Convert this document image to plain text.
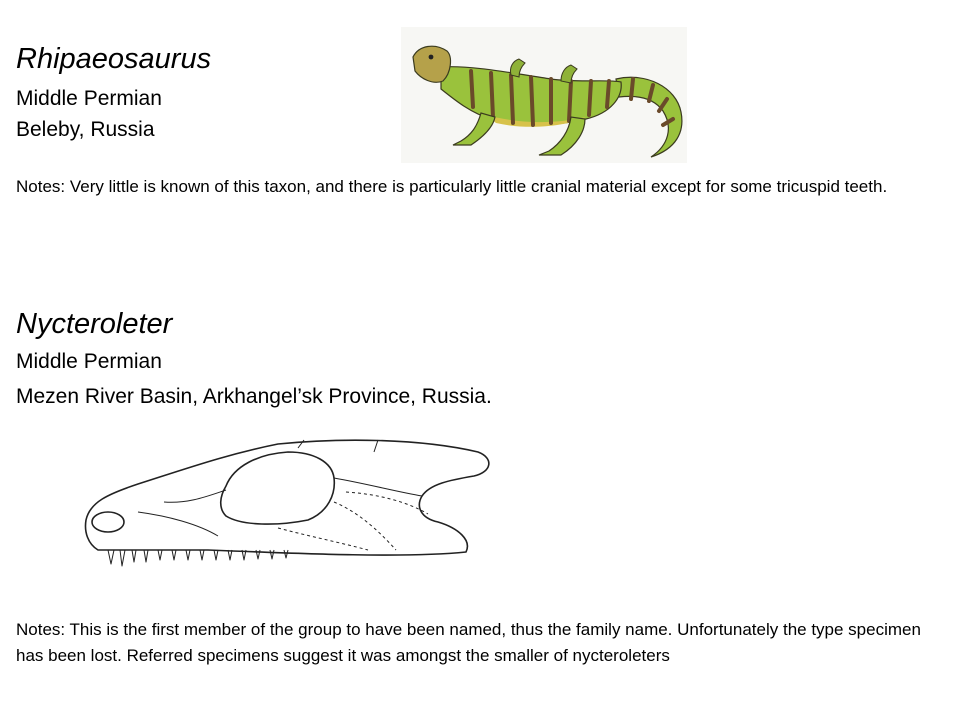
Rhipaeosaurus

Middle Permian

Beleby, Russia

Notes: Very little is known of this taxon, and there is particularly little cranial material except for some tricuspid teeth.

Nycteroleter

Middle Permian

Mezen River Basin, Arkhangel’sk Province, Russia.

Notes: This is the first member of the group to have been named, thus the family name. Unfortunately the type specimen has been lost. Referred specimens suggest it was amongst the smaller of nycteroleters
